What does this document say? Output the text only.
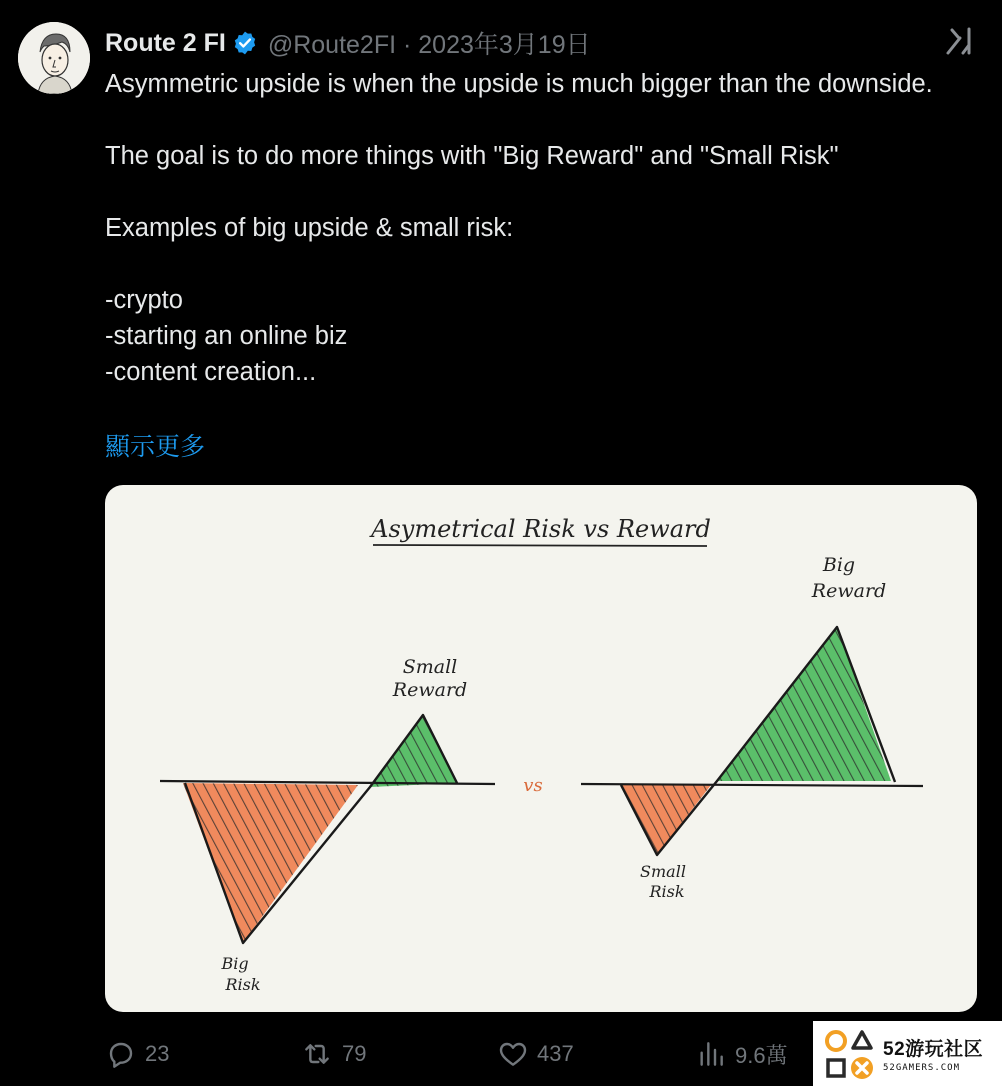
Route 2 FI @Route2FI · 2023年3月19日

Asymmetric upside is when the upside is much bigger than the downside.

The goal is to do more things with "Big Reward" and "Small Risk"

Examples of big upside & small risk:

-crypto

-starting an online biz

-content creation...

顯示更多
Asymetrical Risk vs Reward
Small
Reward
Big
Risk
vs
Big
Reward
Small
Risk
23	79	437	9.6萬	52游玩社区
52GAMERS.COM
